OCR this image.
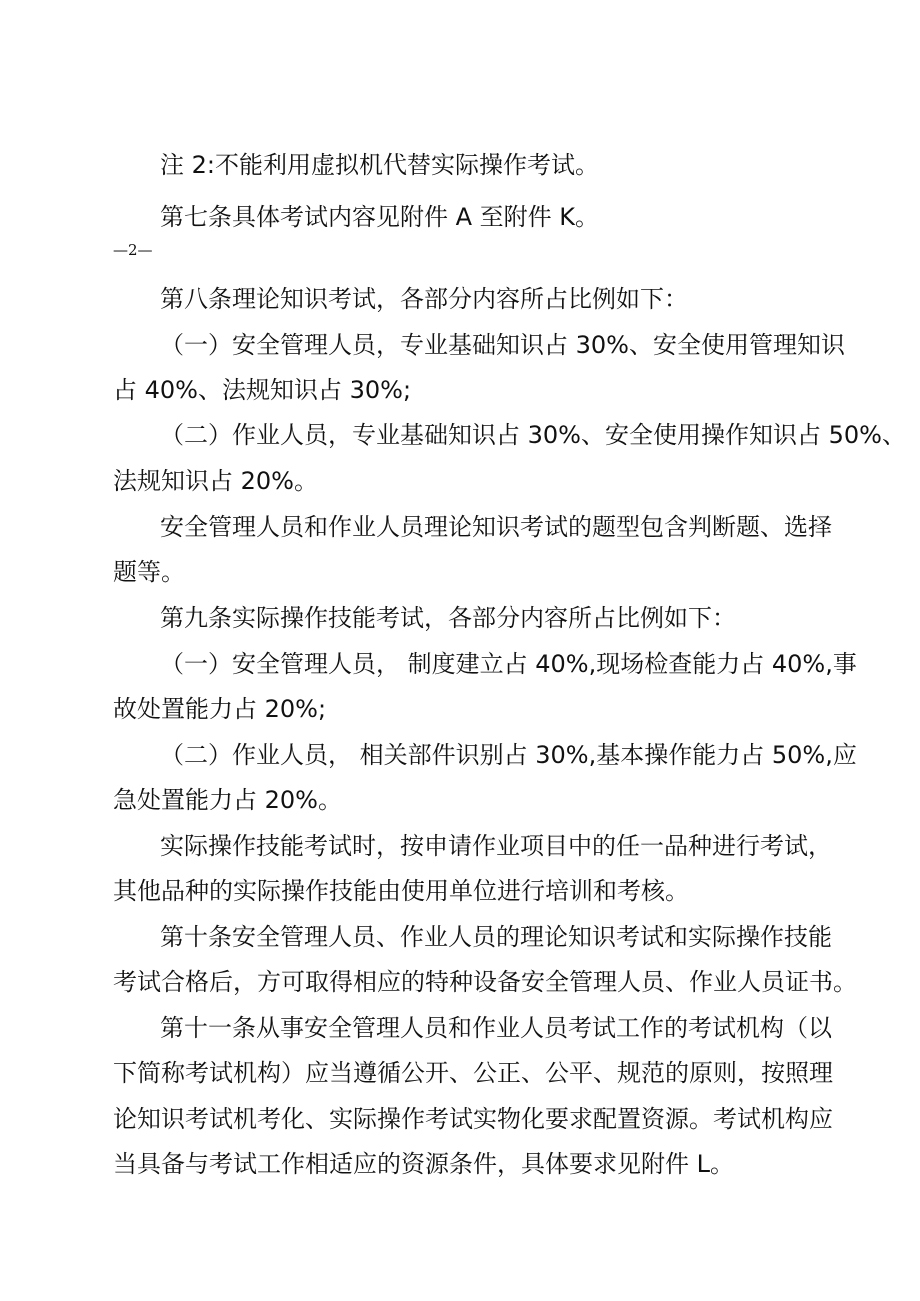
注 2:不能利用虚拟机代替实际操作考试。
第七条具体考试内容见附件 A 至附件 K。
—2—
第八条理论知识考试，各部分内容所占比例如下：
（一）安全管理人员，专业基础知识占 30%、安全使用管理知识
占 40%、法规知识占 30%;
（二）作业人员，专业基础知识占 30%、安全使用操作知识占 50%、
法规知识占 20%。
安全管理人员和作业人员理论知识考试的题型包含判断题、选择
题等。
第九条实际操作技能考试，各部分内容所占比例如下：
（一）安全管理人员， 制度建立占 40%,现场检查能力占 40%,事
故处置能力占 20%;
（二）作业人员， 相关部件识别占 30%,基本操作能力占 50%,应
急处置能力占 20%。
实际操作技能考试时，按申请作业项目中的任一品种进行考试，
其他品种的实际操作技能由使用单位进行培训和考核。
第十条安全管理人员、作业人员的理论知识考试和实际操作技能
考试合格后，方可取得相应的特种设备安全管理人员、作业人员证书。
第十一条从事安全管理人员和作业人员考试工作的考试机构（以
下简称考试机构）应当遵循公开、公正、公平、规范的原则，按照理
论知识考试机考化、实际操作考试实物化要求配置资源。考试机构应
当具备与考试工作相适应的资源条件，具体要求见附件 L。
